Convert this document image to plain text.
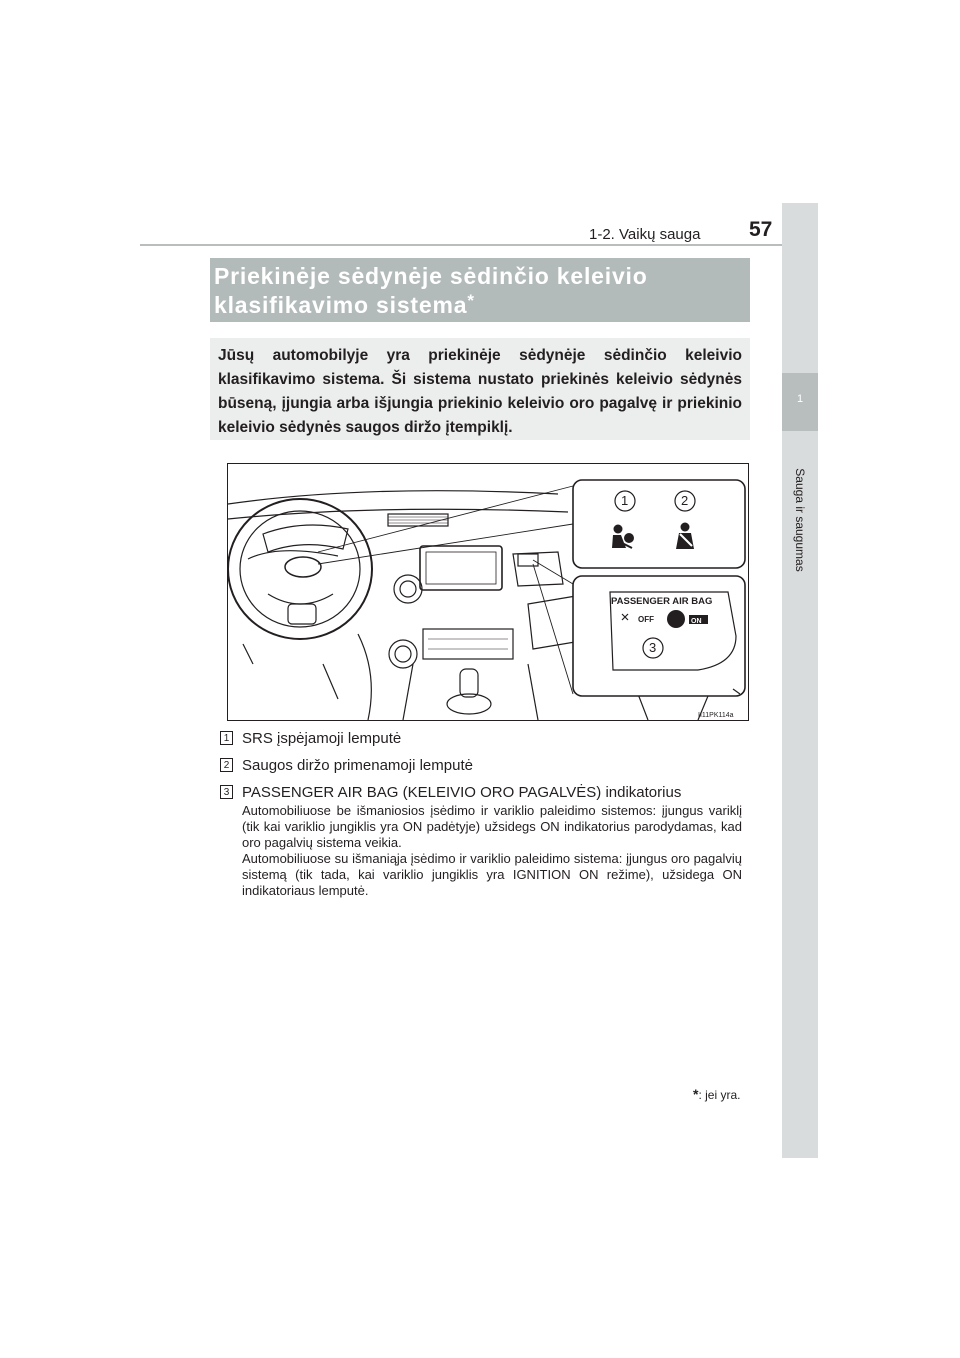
1-2. Vaikų sauga 57
1
Sauga ir saugumas
Priekinėje sėdynėje sėdinčio keleivio klasifikavimo sistema*

Jūsų automobilyje yra priekinėje sėdynėje sėdinčio keleivio klasifikavimo sistema. Ši sistema nustato priekinės keleivio sėdynės būseną, įjungia arba išjungia priekinio keleivio oro pagalvę ir priekinio keleivio sėdynės saugos diržo įtempiklį.

1	2
3
PASSENGER AIR BAG
OFF	ON
II11PK114a
1 SRS įspėjamoji lemputė
2 Saugos diržo primenamoji lemputė
3 PASSENGER AIR BAG (KELEIVIO ORO PAGALVĖS) indikatorius

Automobiliuose be išmaniosios įsėdimo ir variklio paleidimo sistemos: įjungus variklį (tik kai variklio jungiklis yra ON padėtyje) užsidegs ON indikatorius parodydamas, kad oro pagalvių sistema veikia.

Automobiliuose su išmaniąja įsėdimo ir variklio paleidimo sistema: įjungus oro pagalvių sistemą (tik tada, kai variklio jungiklis yra IGNITION ON režime), užsidega ON indikatoriaus lemputė.

*: jei yra.
